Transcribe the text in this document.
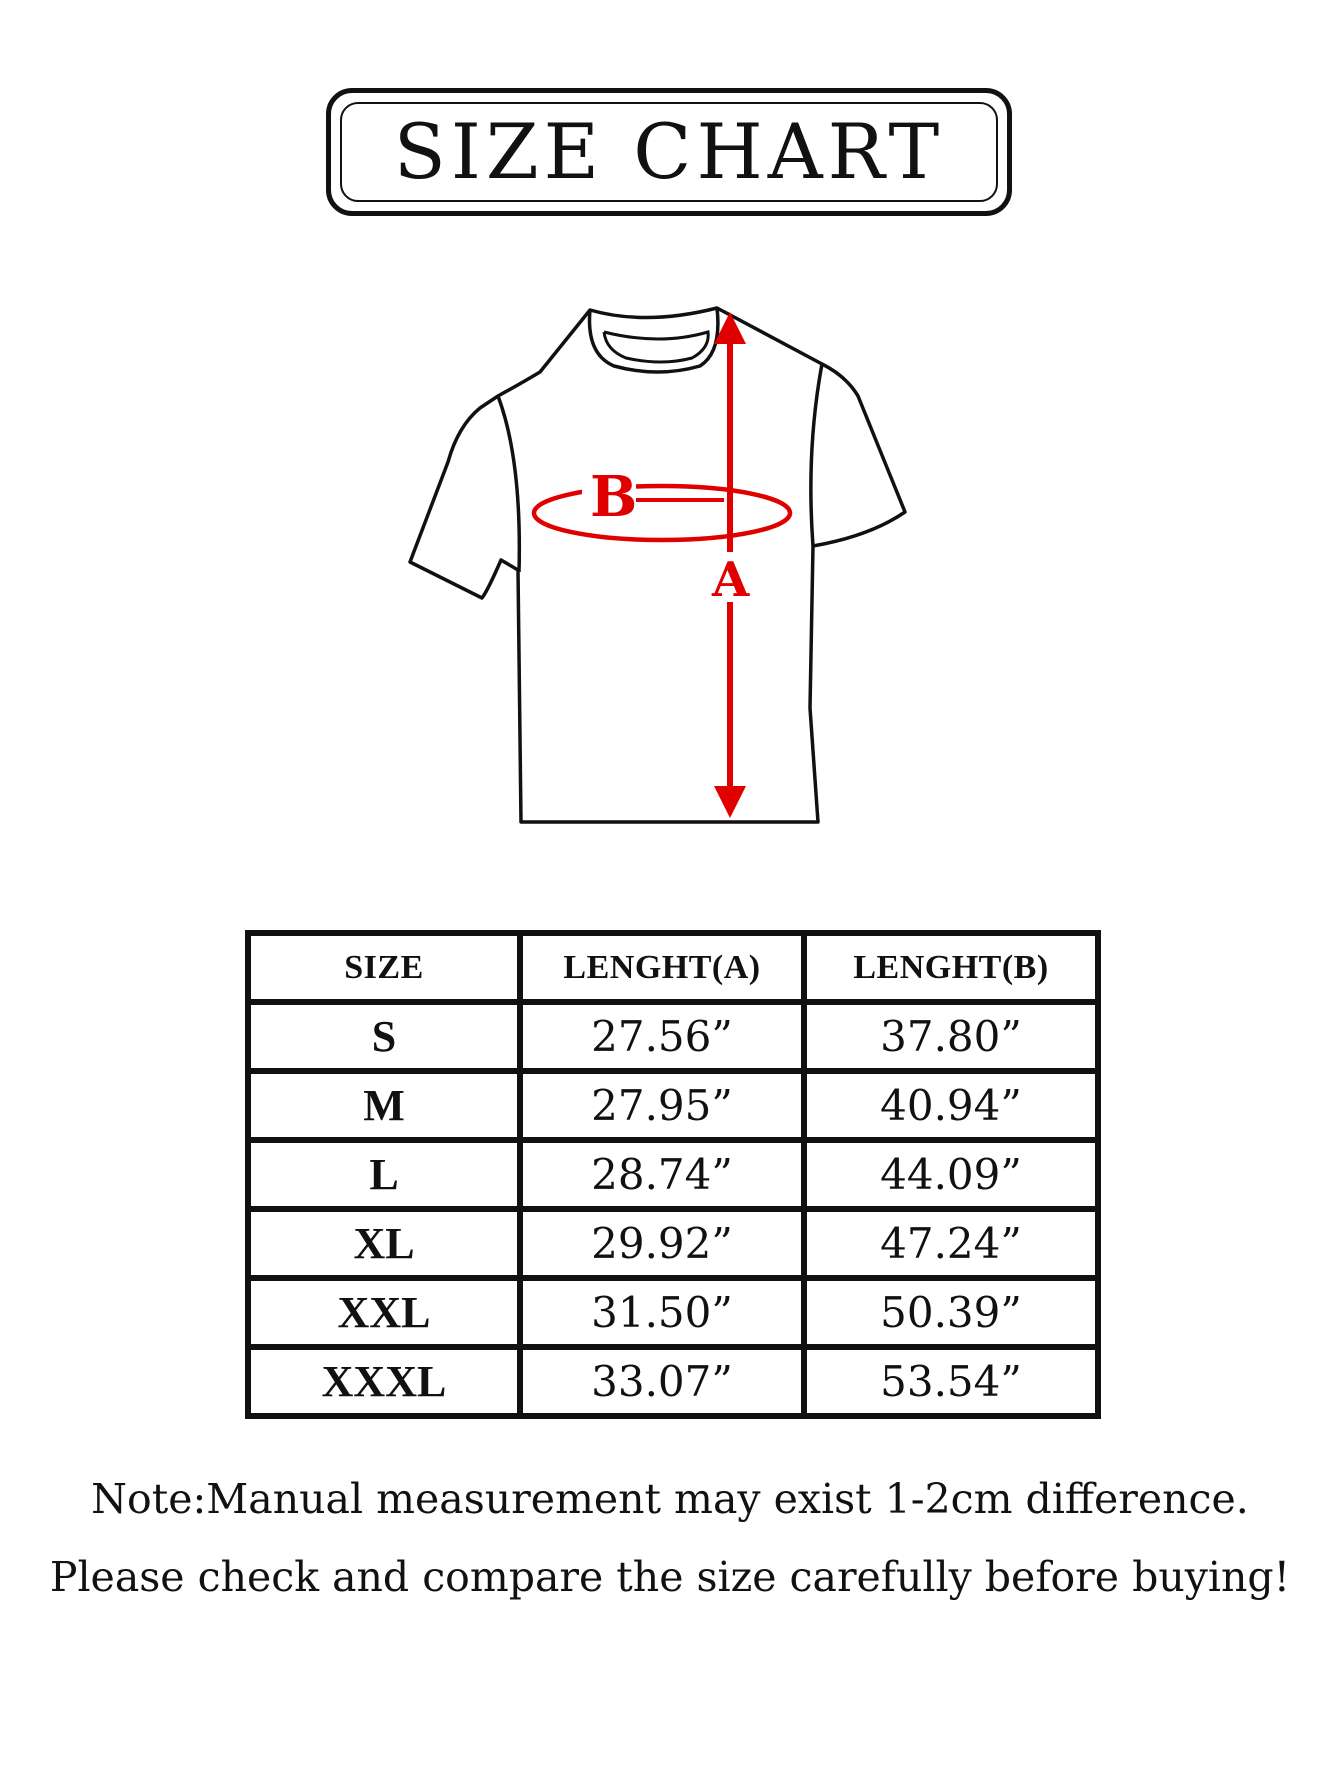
SIZE CHART
B
A
SIZE	LENGHT(A)	LENGHT(B)
S	27.56”	37.80”
M	27.95”	40.94”
L	28.74”	44.09”
XL	29.92”	47.24”
XXL	31.50”	50.39”
XXXL	33.07”	53.54”
Note:Manual measurement may exist 1-2cm difference.
Please check and compare the size carefully before buying!
